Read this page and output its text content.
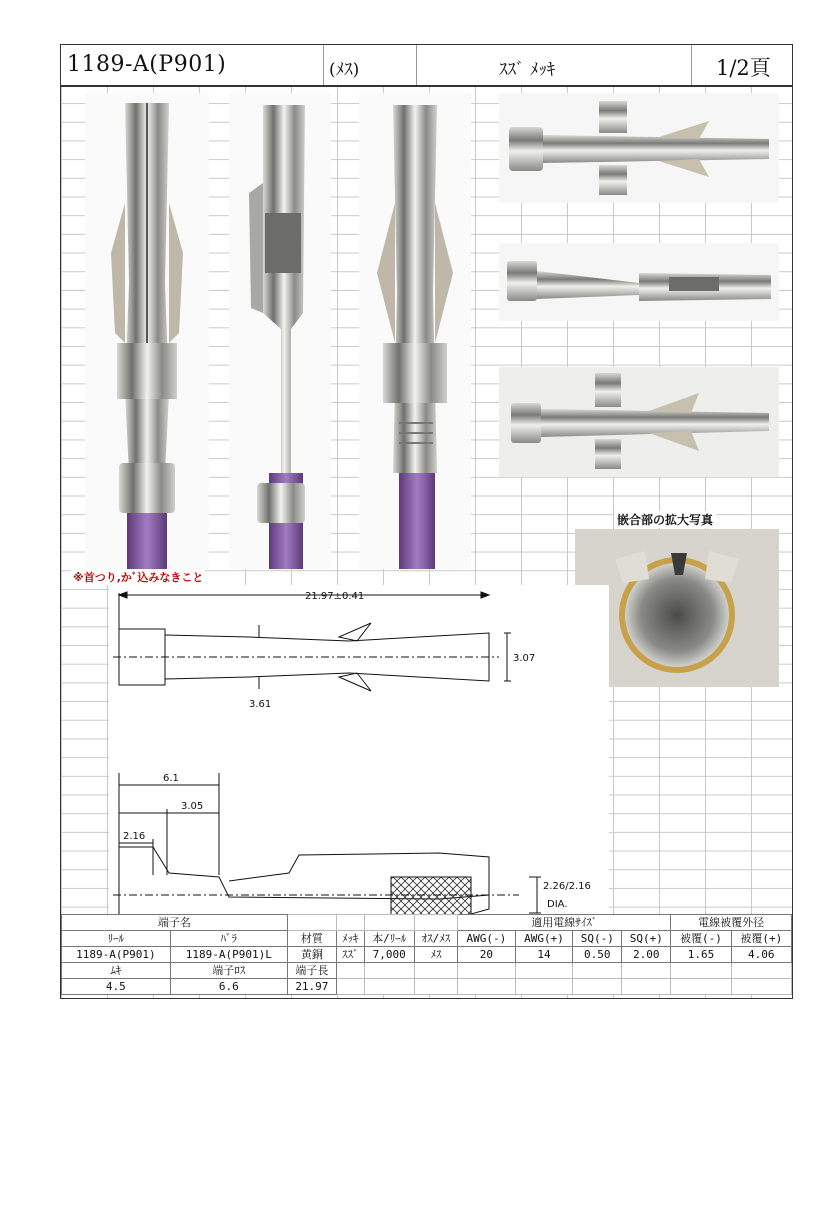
1189-A(P901)	(ﾒｽ)	ｽｽﾞ ﾒｯｷ	1/2頁
嵌合部の拡大写真
※首つり,かﾞ込みなきこと
21.97±0.41
3.07
3.61
6.1
3.05
2.16
2.26/2.16
DIA.
端子名						適用電線ｻｲｽﾞ				電線被覆外径	
ﾘｰﾙ	ﾊﾞﾗ	材質	ﾒｯｷ	本/ﾘｰﾙ	ｵｽ/ﾒｽ	AWG(-)	AWG(+)	SQ(-)	SQ(+)	被覆(-)	被覆(+)
1189-A(P901)	1189-A(P901)L	黄銅	ｽｽﾞ	7,000	ﾒｽ	20	14	0.50	2.00	1.65	4.06
ﾑｷ	端子ﾛｽ	端子長									
4.5	6.6	21.97									
